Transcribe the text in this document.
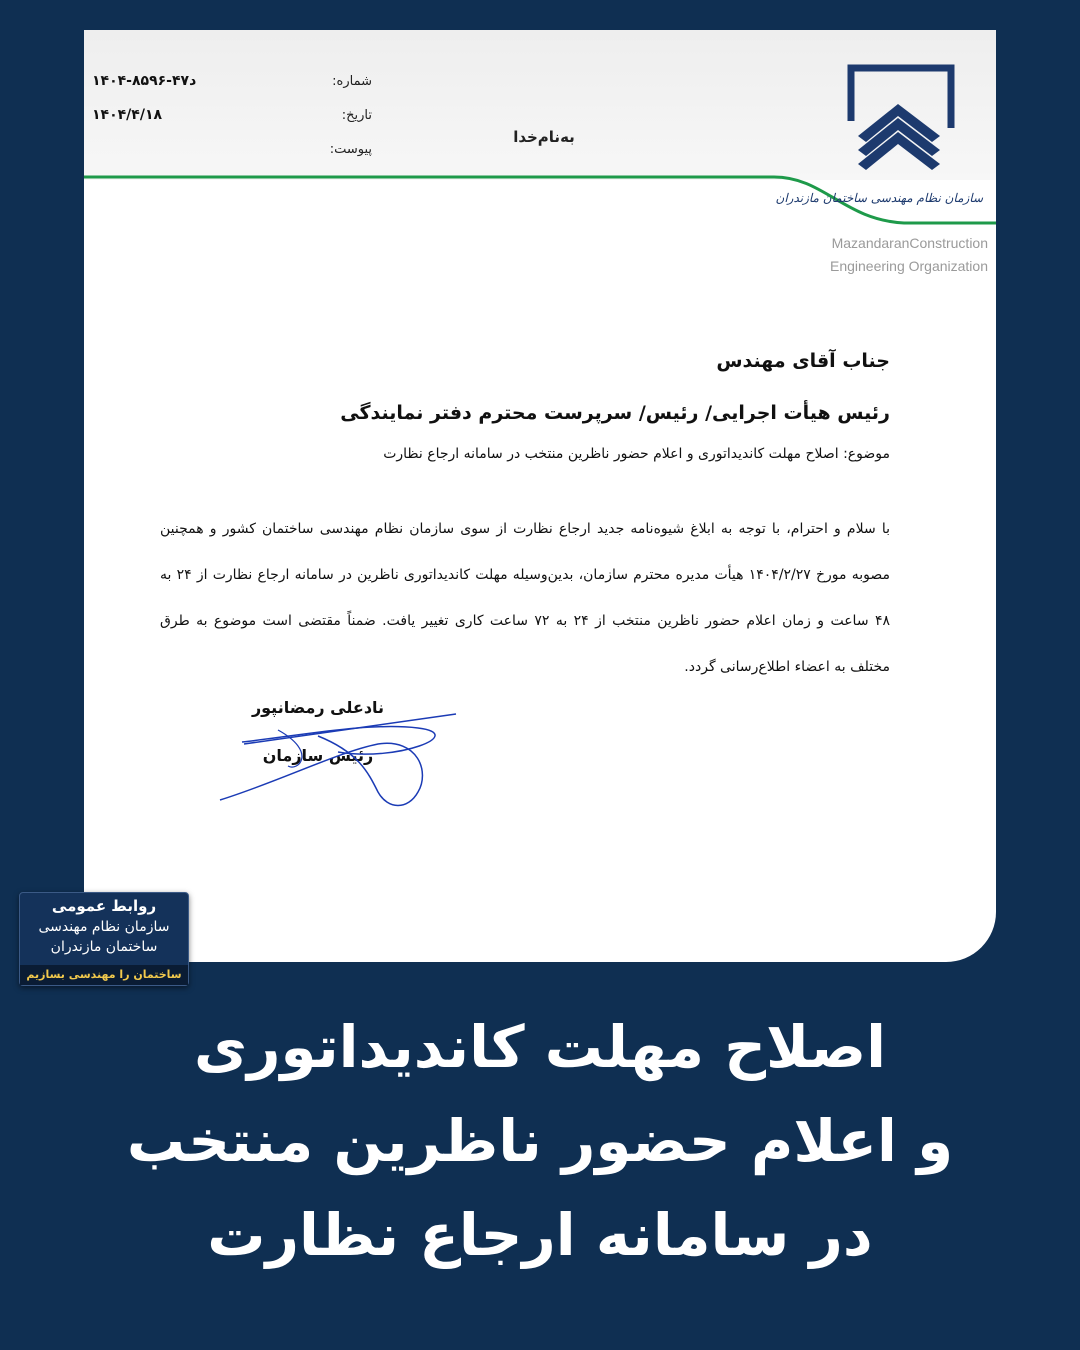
شماره:
۱۴۰۴-۸۵۹۶-۴۷د
تاریخ:
۱۴۰۴/۴/۱۸
پیوست:
به‌نام‌خدا
سازمان نظام مهندسی ساختمان مازندران
MazandaranConstruction
Engineering Organization
جناب آقای مهندس
رئیس هیأت اجرایی/ رئیس/ سرپرست محترم دفتر نمایندگی
موضوع: اصلاح مهلت کاندیداتوری و اعلام حضور ناظرین منتخب در سامانه ارجاع نظارت
با سلام و احترام، با توجه به ابلاغ شیوه‌نامه جدید ارجاع نظارت از سوی سازمان نظام مهندسی ساختمان کشور و همچنین مصوبه مورخ ۱۴۰۴/۲/۲۷ هیأت مدیره محترم سازمان، بدین‌وسیله مهلت کاندیداتوری ناظرین در سامانه ارجاع نظارت از ۲۴ به ۴۸ ساعت و زمان اعلام حضور ناظرین منتخب از ۲۴ به ۷۲ ساعت کاری تغییر یافت. ضمناً مقتضی است موضوع به طرق مختلف به اعضاء اطلاع‌رسانی گردد.
نادعلی رمضانپور
رئیس سازمان
روابط عمومی
سازمان نظام مهندسی
ساختمان مازندران
ساختمان را مهندسی بسازیم
اصلاح مهلت کاندیداتوری
و اعلام حضور ناظرین منتخب
در سامانه ارجاع نظارت
